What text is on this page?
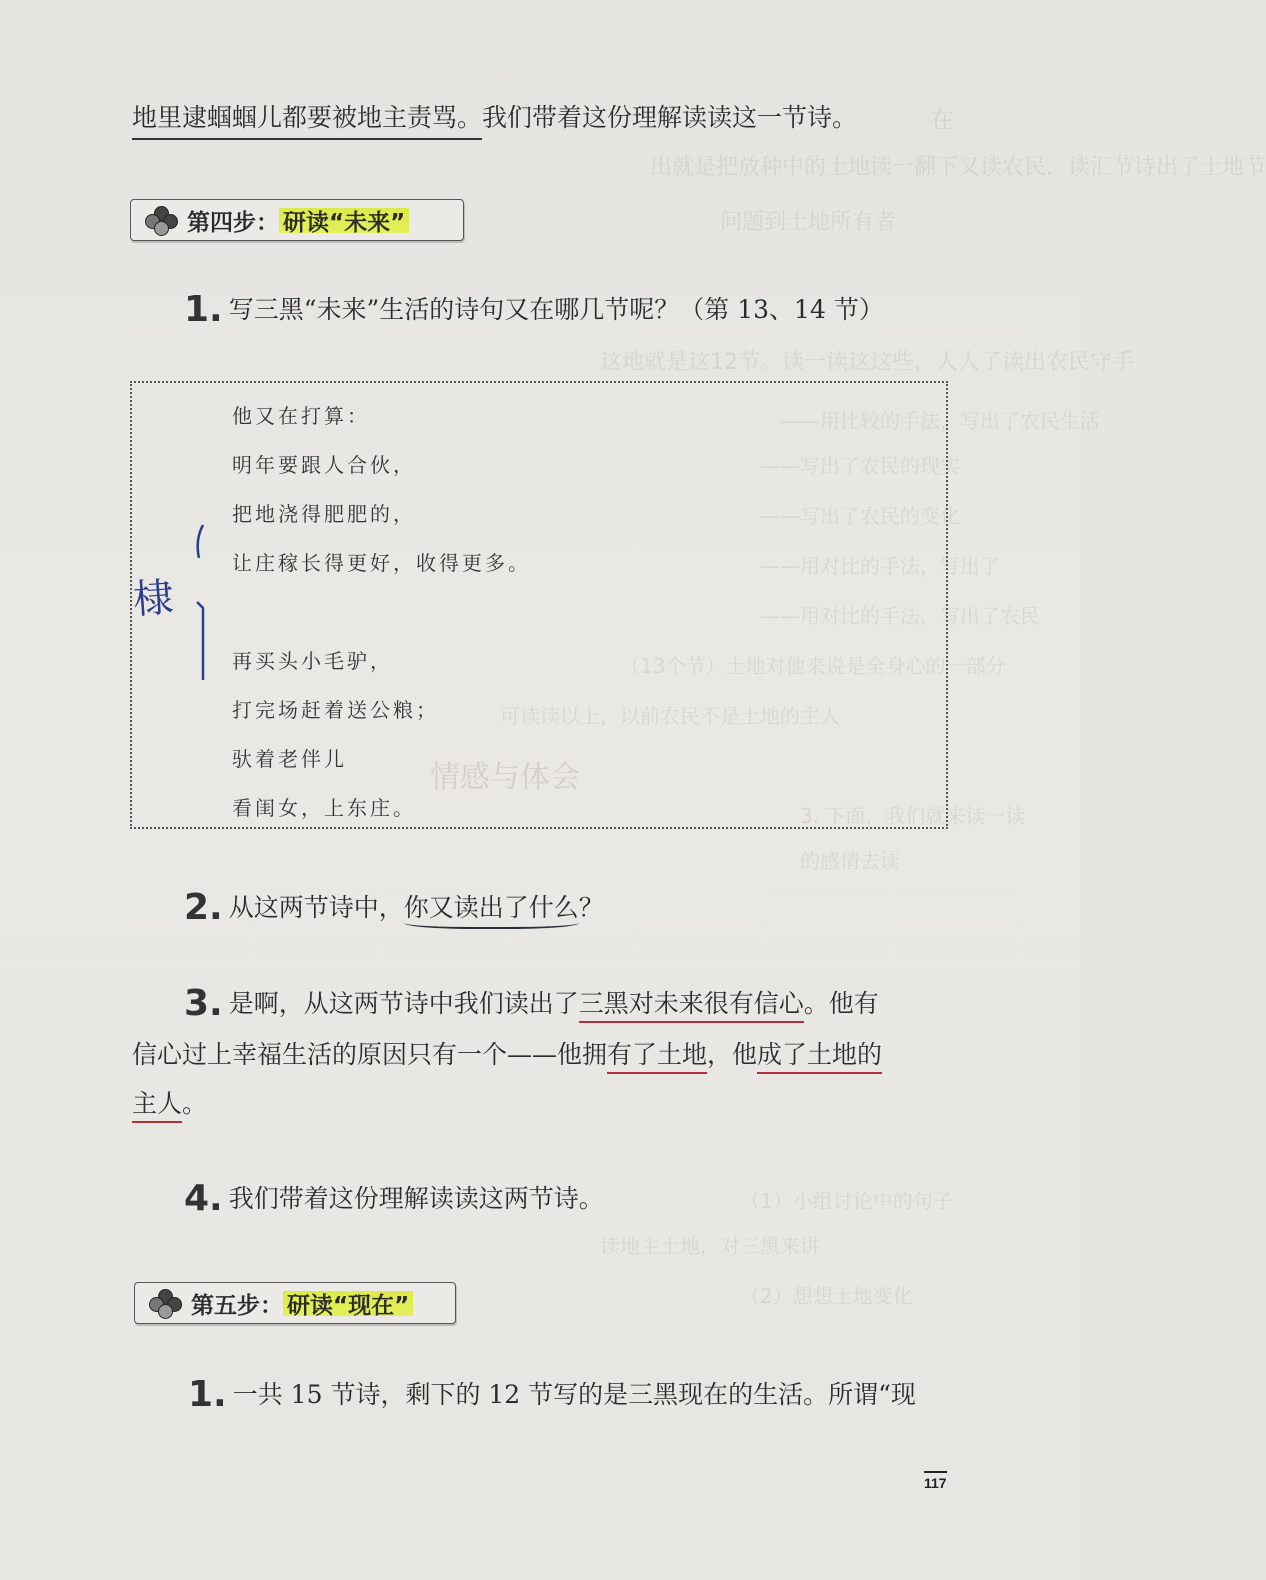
在
出就是把放种中的土地读一翻下又读农民，读汇节诗出了土地节
问题到土地所有者
这地就是这12节。读一读这这些，人人了读出农民守手
——用比较的手法，写出了农民生活
——写出了农民的现实
——写出了农民的变化
——用对比的手法，写出了
——用对比的手法，写出了农民
（13个节）土地对他来说是全身心的一部分
可读读以上，以前农民不是土地的主人
3. 下面，我们就来读一读
的感情去读
（1）小组讨论中的句子
读地主土地，对三黑来讲
（2）想想土地变化
情感与体会
地里逮蝈蝈儿都要被地主责骂。我们带着这份理解读读这一节诗。
第四步： 研读“未来”
1. 写三黑“未来”生活的诗句又在哪几节呢？（第 13、14 节）
他又在打算：
明年要跟人合伙，
把地浇得肥肥的，
让庄稼长得更好，收得更多。
再买头小毛驴，
打完场赶着送公粮；
驮着老伴儿
看闺女，上东庄。
棣
2. 从这两节诗中，你又读出了什么？
3. 是啊，从这两节诗中我们读出了三黑对未来很有信心。他有
信心过上幸福生活的原因只有一个——他拥有了土地，他成了土地的
主人。
4. 我们带着这份理解读读这两节诗。
第五步： 研读“现在”
1. 一共 15 节诗，剩下的 12 节写的是三黑现在的生活。所谓“现
117
